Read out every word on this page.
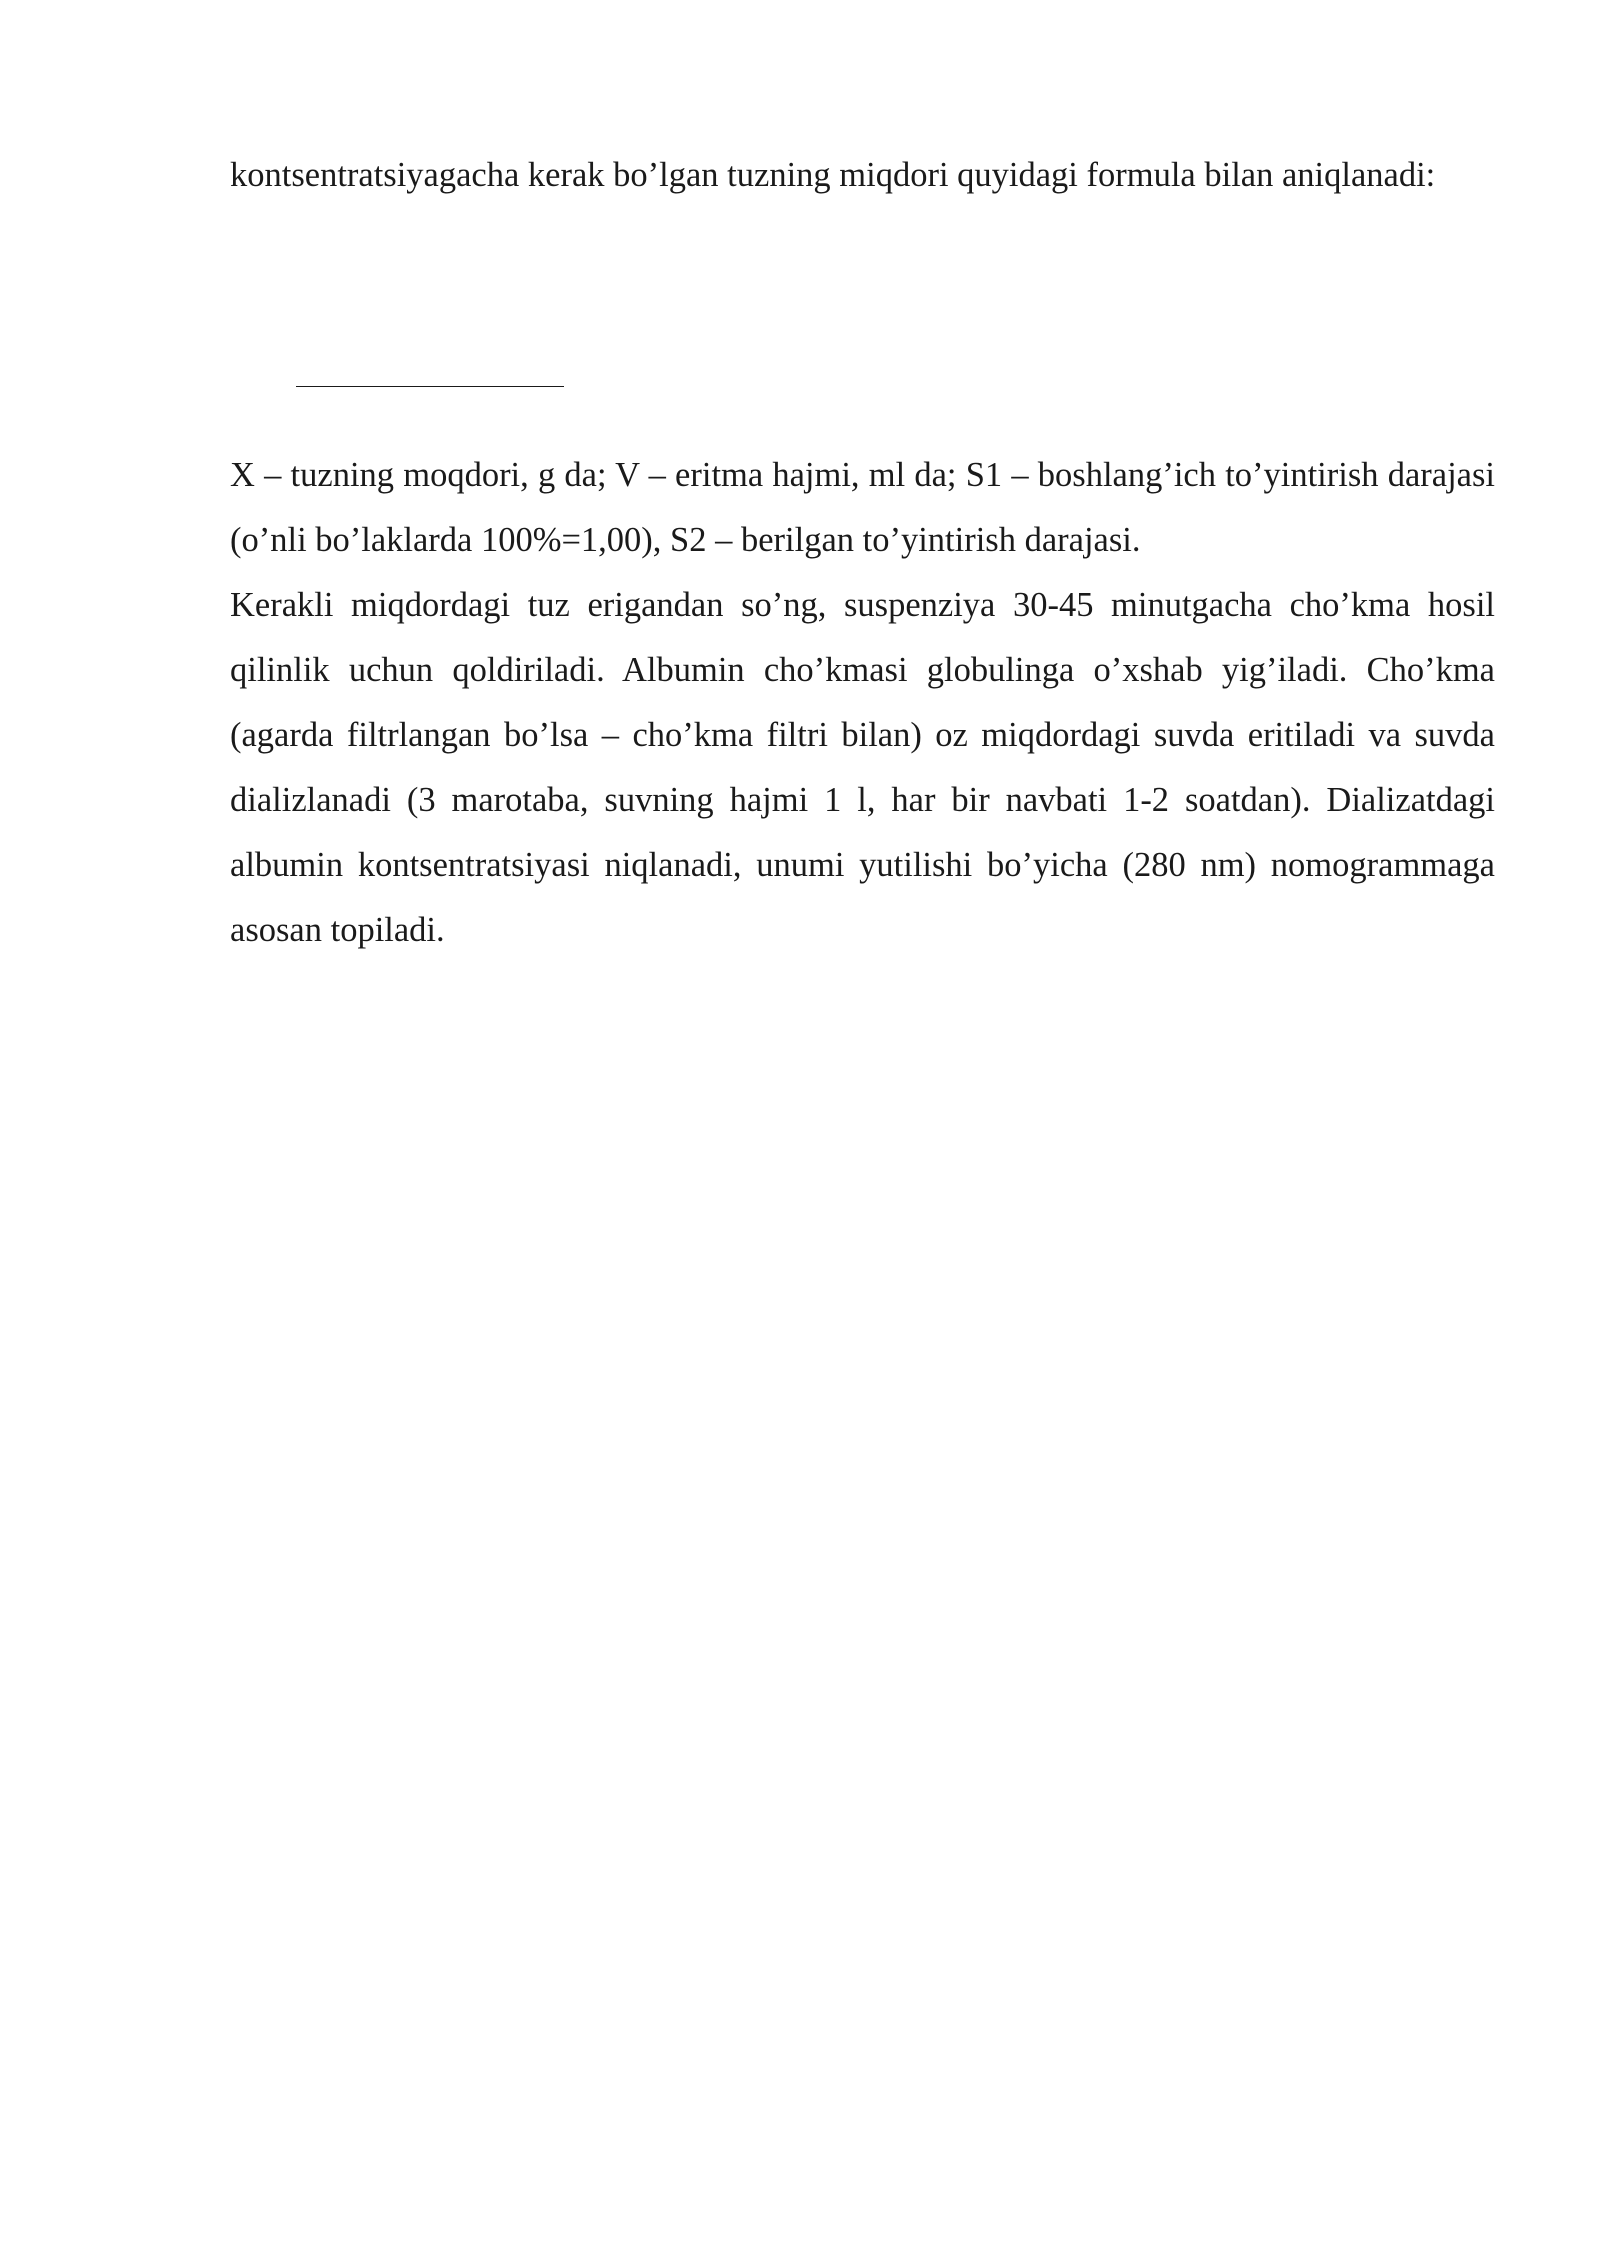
kontsentratsiyagacha kerak bo’lgan tuzning miqdori quyidagi formula bilan aniqlanadi:

X – tuzning moqdori, g da; V – eritma hajmi, ml da; S1 – boshlang’ich to’yintirish darajasi (o’nli bo’laklarda 100%=1,00), S2 – berilgan to’yintirish darajasi.

Kerakli miqdordagi tuz erigandan so’ng, suspenziya 30-45 minutgacha cho’kma hosil qilinlik uchun qoldiriladi. Albumin cho’kmasi globulinga o’xshab yig’iladi. Cho’kma (agarda filtrlangan bo’lsa – cho’kma filtri bilan) oz miqdordagi suvda eritiladi va suvda dializlanadi (3 marotaba, suvning hajmi 1 l, har bir navbati 1-2 soatdan). Dializatdagi albumin kontsentratsiyasi niqlanadi, unumi yutilishi bo’yicha (280 nm) nomogrammaga asosan topiladi.
